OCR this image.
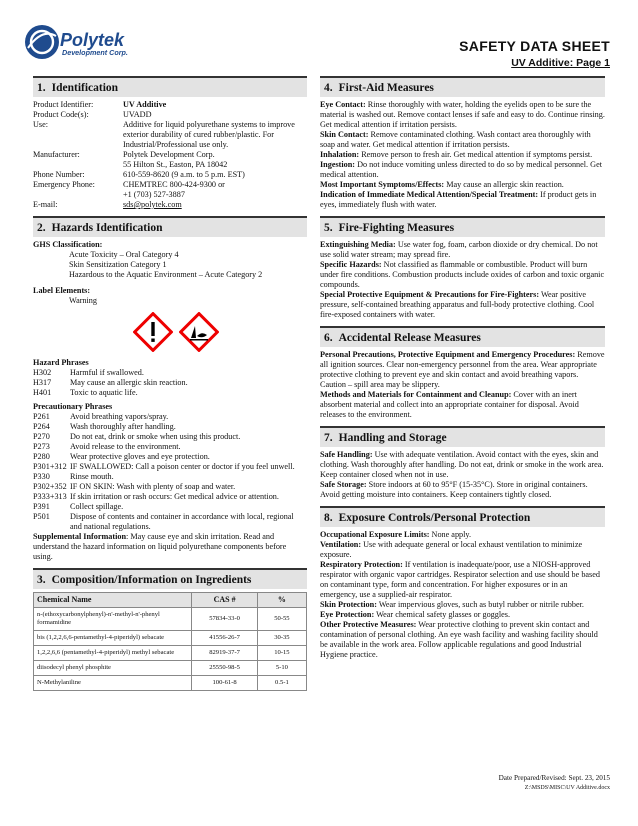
Polytek
Development Corp.	SAFETY DATA SHEET
UV Additive: Page 1
1. Identification
Product Identifier:	UV Additive
Product Code(s):	UVADD
Use:	Additive for liquid polyurethane systems to improve exterior durability of cured rubber/plastic. For Industrial/Professional use only.
Manufacturer:	Polytek Development Corp.
55 Hilton St., Easton, PA 18042
Phone Number:	610-559-8620 (9 a.m. to 5 p.m. EST)
Emergency Phone:	CHEMTREC 800-424-9300 or
+1 (703) 527-3887
E-mail:	sds@polytek.com
2. Hazards Identification

GHS Classification:

Acute Toxicity – Oral Category 4

Skin Sensitization Category 1

Hazardous to the Aquatic Environment – Acute Category 2

Label Elements:

Warning

Hazard Phrases

H302	Harmful if swallowed.
H317	May cause an allergic skin reaction.
H401	Toxic to aquatic life.

Precautionary Phrases

P261	Avoid breathing vapors/spray.
P264	Wash thoroughly after handling.
P270	Do not eat, drink or smoke when using this product.
P273	Avoid release to the environment.
P280	Wear protective gloves and eye protection.
P301+312 IF SWALLOWED: Call a poison center or doctor if you feel unwell.
P330	Rinse mouth.
P302+352 IF ON SKIN: Wash with plenty of soap and water.
P333+313 If skin irritation or rash occurs: Get medical advice or attention.
P391	Collect spillage.
P501	Dispose of contents and container in accordance with local, regional and national regulations.

Supplemental Information: May cause eye and skin irritation. Read and understand the hazard information on liquid polyurethane components before using.

3. Composition/Information on Ingredients
Chemical Name	CAS #	%
n-(ethoxycarbonylphenyl)-n'-methyl-n'-phenyl formamidine	57834-33-0	50-55
bis (1,2,2,6,6-pentamethyl-4-piperidyl) sebacate	41556-26-7	30-35
1,2,2,6,6 (pentamethyl-4-piperidyl) methyl sebacate	82919-37-7	10-15
diisodecyl phenyl phosphite	25550-98-5	5-10
N-Methylaniline	100-61-8	0.5-1
4. First-Aid Measures

Eye Contact: Rinse thoroughly with water, holding the eyelids open to be sure the material is washed out. Remove contact lenses if safe and easy to do. Continue rinsing. Get medical attention if irritation persists.

Skin Contact: Remove contaminated clothing. Wash contact area thoroughly with soap and water. Get medical attention if irritation persists.

Inhalation: Remove person to fresh air. Get medical attention if symptoms persist.

Ingestion: Do not induce vomiting unless directed to do so by medical personnel. Get medical attention.

Most Important Symptoms/Effects: May cause an allergic skin reaction.

Indication of Immediate Medical Attention/Special Treatment: If product gets in eyes, immediately flush with water.

5. Fire-Fighting Measures

Extinguishing Media: Use water fog, foam, carbon dioxide or dry chemical. Do not use solid water stream; may spread fire.

Specific Hazards: Not classified as flammable or combustible. Product will burn under fire conditions. Combustion products include oxides of carbon and toxic organic compounds.

Special Protective Equipment & Precautions for Fire-Fighters: Wear positive pressure, self-contained breathing apparatus and full-body protective clothing. Cool fire-exposed containers with water.

6. Accidental Release Measures

Personal Precautions, Protective Equipment and Emergency Procedures: Remove all ignition sources. Clear non-emergency personnel from the area. Wear appropriate protective clothing to prevent eye and skin contact and avoid breathing vapors. Caution – spill area may be slippery.

Methods and Materials for Containment and Cleanup: Cover with an inert absorbent material and collect into an appropriate container for disposal. Avoid releases to the environment.

7. Handling and Storage

Safe Handling: Use with adequate ventilation. Avoid contact with the eyes, skin and clothing. Wash thoroughly after handling. Do not eat, drink or smoke in the work area. Keep container closed when not in use.

Safe Storage: Store indoors at 60 to 95°F (15-35°C). Store in original containers. Avoid getting moisture into containers. Keep containers tightly closed.

8. Exposure Controls/Personal Protection

Occupational Exposure Limits: None apply.

Ventilation: Use with adequate general or local exhaust ventilation to minimize exposure.

Respiratory Protection: If ventilation is inadequate/poor, use a NIOSH-approved respirator with organic vapor cartridges. Respirator selection and use should be based on contaminant type, form and concentration. For higher exposures or in an emergency, use a supplied-air respirator.

Skin Protection: Wear impervious gloves, such as butyl rubber or nitrile rubber.

Eye Protection: Wear chemical safety glasses or goggles.

Other Protective Measures: Wear protective clothing to prevent skin contact and contamination of personal clothing. An eye wash facility and washing facility should be available in the work area. Follow applicable regulations and good Industrial Hygiene practice.

Date Prepared/Revised: Sept. 23, 2015
Z:\MSDS\MISC\UV Additive.docx
